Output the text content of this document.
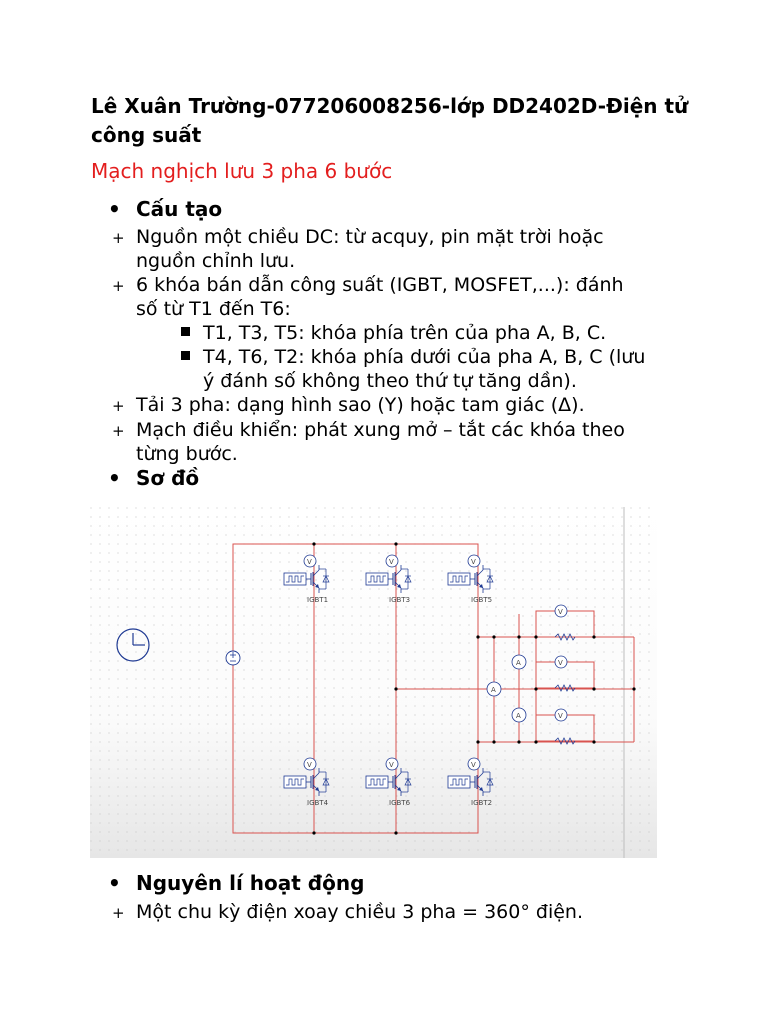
Lê Xuân Trường-077206008256-lớp DD2402D-Điện tử công suất
Mạch nghịch lưu 3 pha 6 bước
• Cấu tạo
+ Nguồn một chiều DC: từ acquy, pin mặt trời hoặc
nguồn chỉnh lưu.
+ 6 khóa bán dẫn công suất (IGBT, MOSFET,...): đánh
số từ T1 đến T6:
T1, T3, T5: khóa phía trên của pha A, B, C.
T4, T6, T2: khóa phía dưới của pha A, B, C (lưu
ý đánh số không theo thứ tự tăng dần).
+ Tải 3 pha: dạng hình sao (Y) hoặc tam giác (Δ).
+ Mạch điều khiển: phát xung mở – tắt các khóa theo
từng bước.
• Sơ đồ
V	V	V
V	V	V
IGBT1	IGBT3	IGBT5
IGBT4	IGBT6	IGBT2
V
V
V
A
A
A
• Nguyên lí hoạt động
+ Một chu kỳ điện xoay chiều 3 pha = 360° điện.
